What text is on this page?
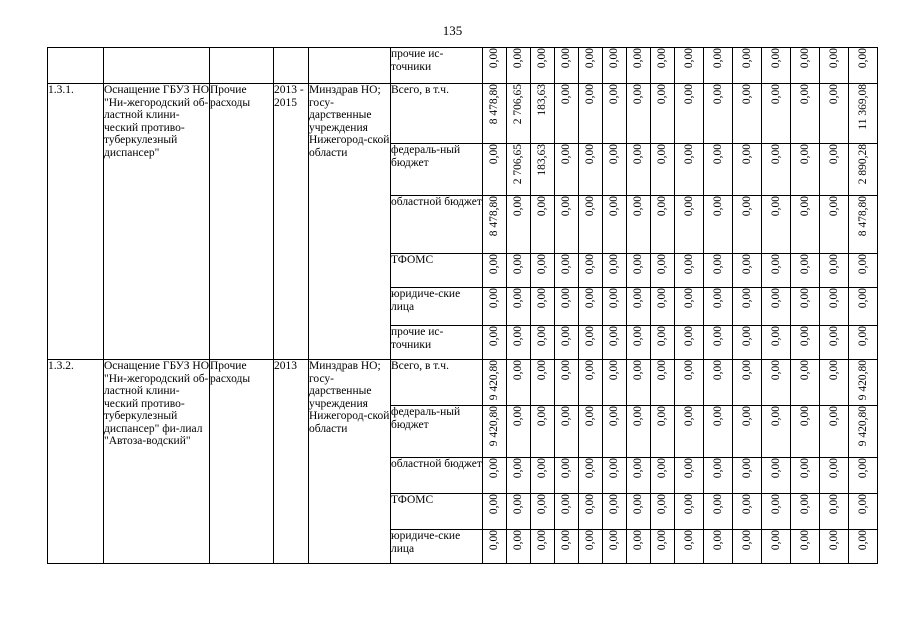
135
					прочие ис-точники	0,00	0,00	0,00	0,00	0,00	0,00	0,00	0,00	0,00	0,00	0,00	0,00	0,00	0,00	0,00
1.3.1.	Оснащение ГБУЗ НО "Ни-жегородский об-ластной клини-ческий противо-туберкулезный диспансер"	Прочие расходы	2013 - 2015	Минздрав НО; госу-дарственные учреждения Нижегород-ской области	Всего, в т.ч.	8 478,80	2 706,65	183,63	0,00	0,00	0,00	0,00	0,00	0,00	0,00	0,00	0,00	0,00	0,00	11 369,08
					федераль-ный бюджет	0,00	2 706,65	183,63	0,00	0,00	0,00	0,00	0,00	0,00	0,00	0,00	0,00	0,00	0,00	2 890,28
					областной бюджет	8 478,80	0,00	0,00	0,00	0,00	0,00	0,00	0,00	0,00	0,00	0,00	0,00	0,00	0,00	8 478,80
					ТФОМС	0,00	0,00	0,00	0,00	0,00	0,00	0,00	0,00	0,00	0,00	0,00	0,00	0,00	0,00	0,00
					юридиче-ские лица	0,00	0,00	0,00	0,00	0,00	0,00	0,00	0,00	0,00	0,00	0,00	0,00	0,00	0,00	0,00
					прочие ис-точники	0,00	0,00	0,00	0,00	0,00	0,00	0,00	0,00	0,00	0,00	0,00	0,00	0,00	0,00	0,00
1.3.2.	Оснащение ГБУЗ НО "Ни-жегородский об-ластной клини-ческий противо-туберкулезный диспансер" фи-лиал "Автоза-водский"	Прочие расходы	2013	Минздрав НО; госу-дарственные учреждения Нижегород-ской области	Всего, в т.ч.	9 420,80	0,00	0,00	0,00	0,00	0,00	0,00	0,00	0,00	0,00	0,00	0,00	0,00	0,00	9 420,80
					федераль-ный бюджет	9 420,80	0,00	0,00	0,00	0,00	0,00	0,00	0,00	0,00	0,00	0,00	0,00	0,00	0,00	9 420,80
					областной бюджет	0,00	0,00	0,00	0,00	0,00	0,00	0,00	0,00	0,00	0,00	0,00	0,00	0,00	0,00	0,00
					ТФОМС	0,00	0,00	0,00	0,00	0,00	0,00	0,00	0,00	0,00	0,00	0,00	0,00	0,00	0,00	0,00
					юридиче-ские лица	0,00	0,00	0,00	0,00	0,00	0,00	0,00	0,00	0,00	0,00	0,00	0,00	0,00	0,00	0,00
